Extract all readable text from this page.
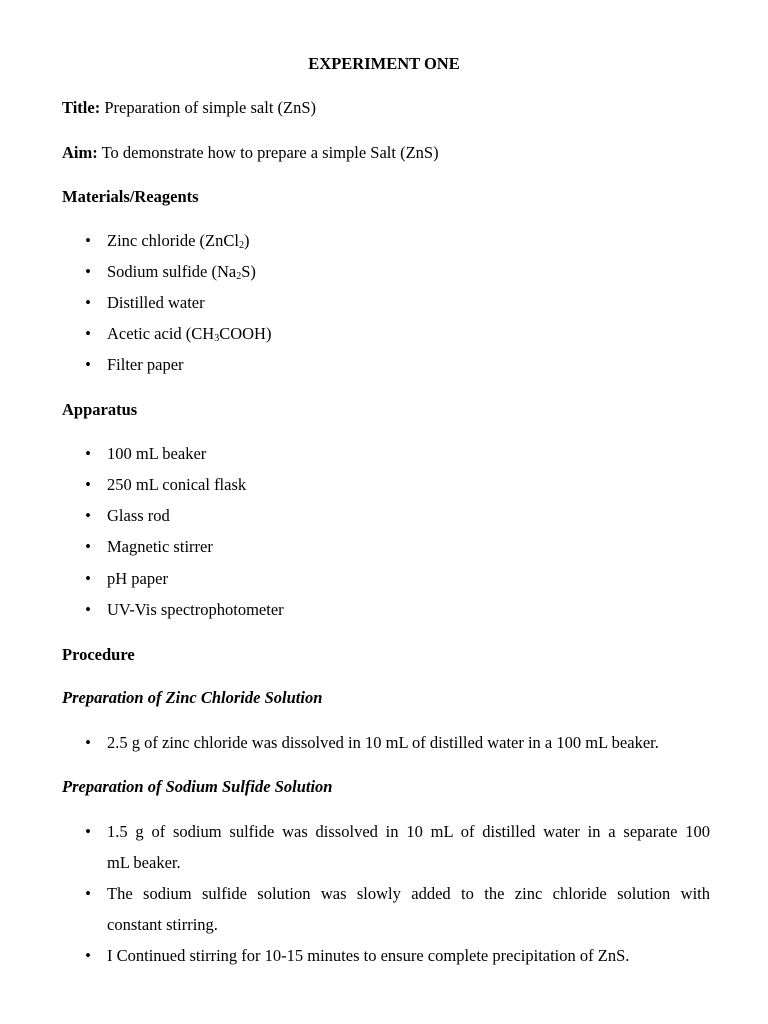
EXPERIMENT ONE
Title: Preparation of simple salt (ZnS)
Aim: To demonstrate how to prepare a simple Salt (ZnS)
Materials/Reagents
• Zinc chloride (ZnCl$_2$)
• Sodium sulfide $(Na_2S)$
• Distilled water
• Acetic acid $(CH_3COOH)$
• Filter paper
Apparatus
• 100 mL beaker
• 250 mL conical flask
• Glass rod
• Magnetic stirrer
• pH paper
• UV-Vis spectrophotometer
Procedure
Preparation of Zinc Chloride Solution
• 2.5 g of zinc chloride was dissolved in 10 mL of distilled water in a 100 mL beaker.
Preparation of Sodium Sulfide Solution
• 1.5 g of sodium sulfide was dissolved in 10 mL of distilled water in a separate 100
mL beaker.
• The sodium sulfide solution was slowly added to the zinc chloride solution with
constant stirring.
• I Continued stirring for 10-15 minutes to ensure complete precipitation of ZnS.
